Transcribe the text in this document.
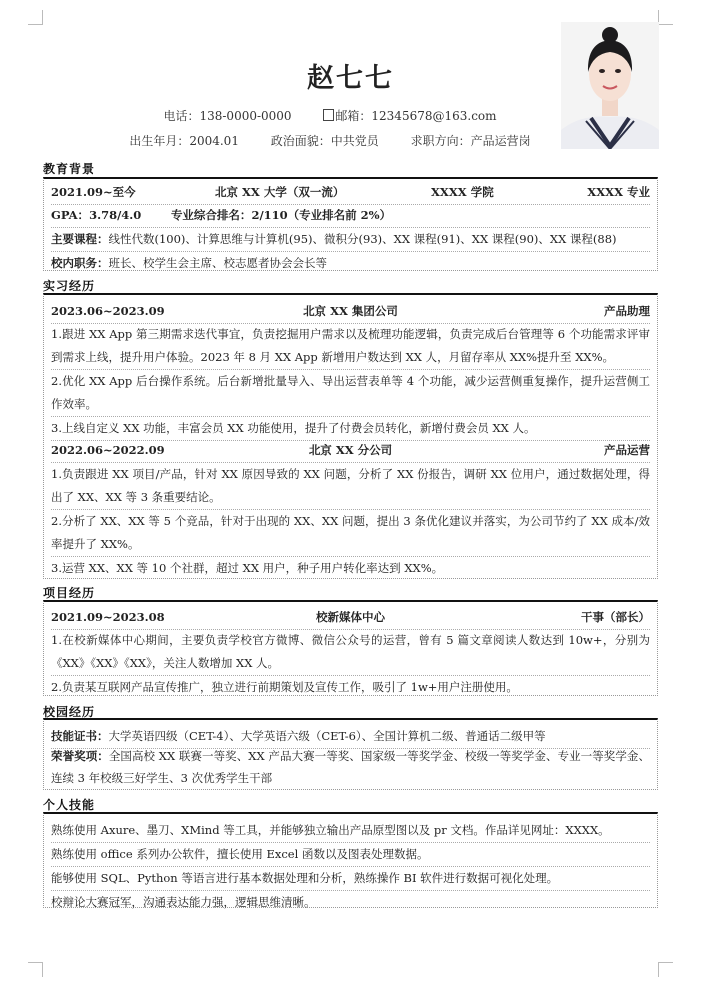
赵七七
电话：138-0000-0000	邮箱：12345678@163.com
出生年月：2004.01	政治面貌：中共党员	求职方向：产品运营岗
教育背景
2021.09~至今	北京 XX 大学（双一流）	XXXX 学院	XXXX 专业
GPA：3.78/4.0	专业综合排名：2/110（专业排名前 2%）
主要课程：线性代数(100)、计算思维与计算机(95)、微积分(93)、XX 课程(91)、XX 课程(90)、XX 课程(88)
校内职务：班长、校学生会主席、校志愿者协会会长等
实习经历
2023.06~2023.09	北京 XX 集团公司	产品助理
1.跟进 XX App 第三期需求迭代事宜，负责挖掘用户需求以及梳理功能逻辑，负责完成后台管理等 6 个功能需求评审到需求上线，提升用户体验。2023 年 8 月 XX App 新增用户数达到 XX 人，月留存率从 XX%提升至 XX%。
2.优化 XX App 后台操作系统。后台新增批量导入、导出运营表单等 4 个功能，减少运营侧重复操作，提升运营侧工作效率。
3.上线自定义 XX 功能，丰富会员 XX 功能使用，提升了付费会员转化，新增付费会员 XX 人。
2022.06~2022.09	北京 XX 分公司	产品运营
1.负责跟进 XX 项目/产品，针对 XX 原因导致的 XX 问题，分析了 XX 份报告，调研 XX 位用户，通过数据处理，得出了 XX、XX 等 3 条重要结论。
2.分析了 XX、XX 等 5 个竞品，针对于出现的 XX、XX 问题，提出 3 条优化建议并落实，为公司节约了 XX 成本/效率提升了 XX%。
3.运营 XX、XX 等 10 个社群，超过 XX 用户，种子用户转化率达到 XX%。
项目经历
2021.09~2023.08	校新媒体中心	干事（部长）
1.在校新媒体中心期间，主要负责学校官方微博、微信公众号的运营，曾有 5 篇文章阅读人数达到 10w+，分别为《XX》《XX》《XX》，关注人数增加 XX 人。
2.负责某互联网产品宣传推广，独立进行前期策划及宣传工作，吸引了 1w+用户注册使用。
校园经历
技能证书：大学英语四级（CET-4）、大学英语六级（CET-6）、全国计算机二级、普通话二级甲等
荣誉奖项：全国高校 XX 联赛一等奖、XX 产品大赛一等奖、国家级一等奖学金、校级一等奖学金、专业一等奖学金、连续 3 年校级三好学生、3 次优秀学生干部
个人技能
熟练使用 Axure、墨刀、XMind 等工具，并能够独立输出产品原型图以及 pr 文档。作品详见网址：XXXX。
熟练使用 office 系列办公软件，擅长使用 Excel 函数以及图表处理数据。
能够使用 SQL、Python 等语言进行基本数据处理和分析，熟练操作 BI 软件进行数据可视化处理。
校辩论大赛冠军，沟通表达能力强，逻辑思维清晰。
